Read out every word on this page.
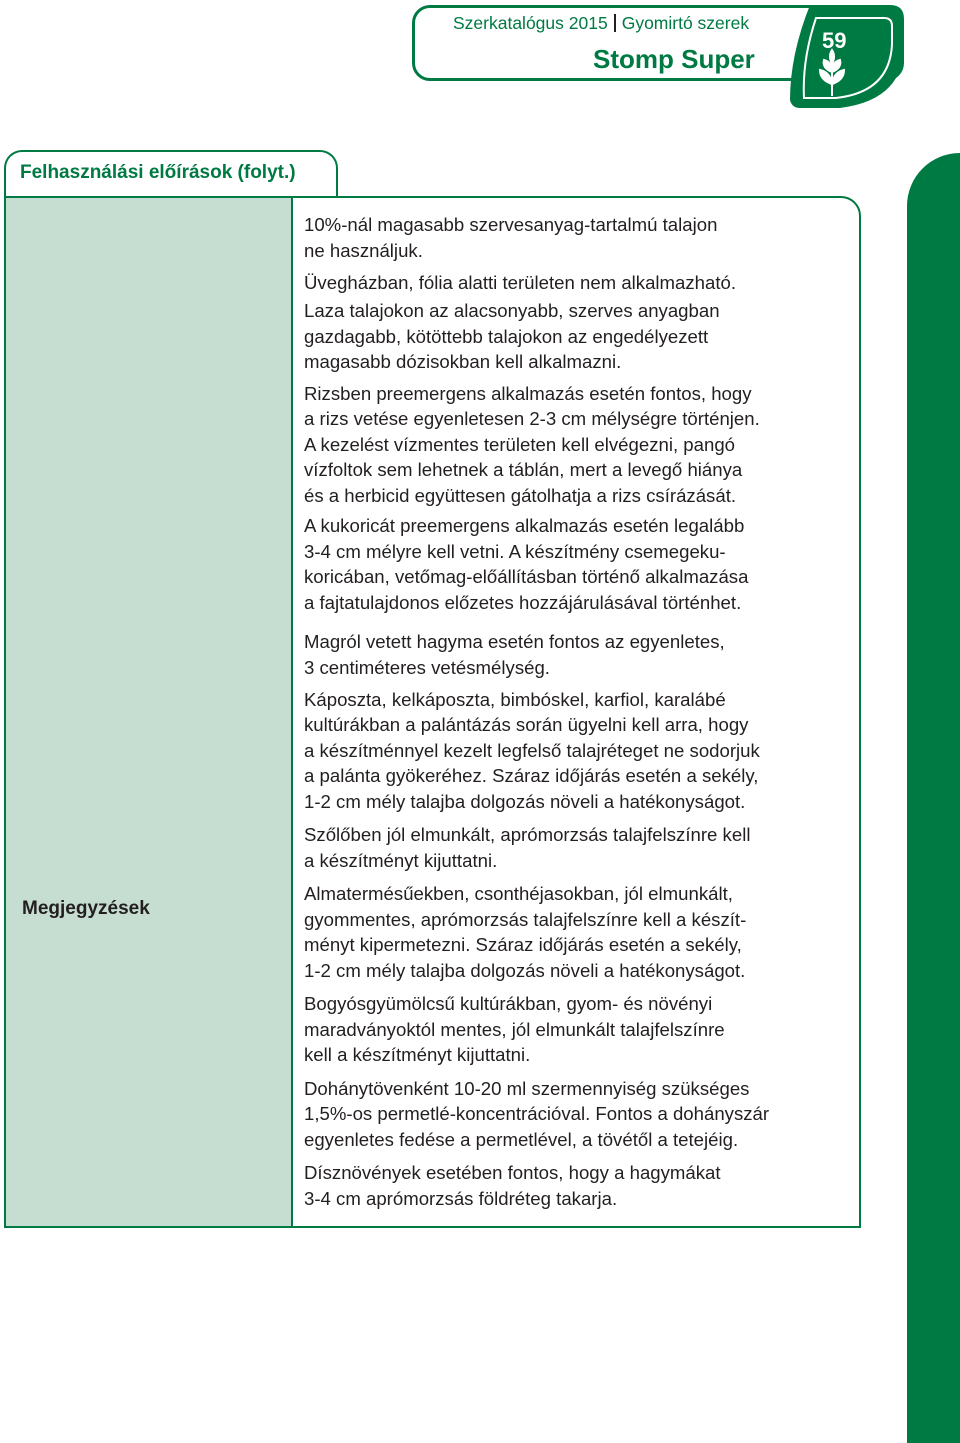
Szerkatalógus 2015 Gyomirtó szerek
Stomp Super
59
Felhasználási előírások (folyt.)
Megjegyzések

10%-nál magasabb szervesanyag-tartalmú talajon
ne használjuk.

Üvegházban, fólia alatti területen nem alkalmazható.

Laza talajokon az alacsonyabb, szerves anyagban
gazdagabb, kötöttebb talajokon az engedélyezett
magasabb dózisokban kell alkalmazni.

Rizsben preemergens alkalmazás esetén fontos, hogy
a rizs vetése egyenletesen 2-3 cm mélységre történjen.
A kezelést vízmentes területen kell elvégezni, pangó
vízfoltok sem lehetnek a táblán, mert a levegő hiánya
és a herbicid együttesen gátolhatja a rizs csírázását.

A kukoricát preemergens alkalmazás esetén legalább
3-4 cm mélyre kell vetni. A készítmény csemegeku-
koricában, vetőmag-előállításban történő alkalmazása
a fajtatulajdonos előzetes hozzájárulásával történhet.

Magról vetett hagyma esetén fontos az egyenletes,
3 centiméteres vetésmélység.

Káposzta, kelkáposzta, bimbóskel, karfiol, karalábé
kultúrákban a palántázás során ügyelni kell arra, hogy
a készítménnyel kezelt legfelső talajréteget ne sodorjuk
a palánta gyökeréhez. Száraz időjárás esetén a sekély,
1-2 cm mély talajba dolgozás növeli a hatékonyságot.

Szőlőben jól elmunkált, aprómorzsás talajfelszínre kell
a készítményt kijuttatni.

Almatermésűekben, csonthéjasokban, jól elmunkált,
gyommentes, aprómorzsás talajfelszínre kell a készít-
ményt kipermetezni. Száraz időjárás esetén a sekély,
1-2 cm mély talajba dolgozás növeli a hatékonyságot.

Bogyósgyümölcsű kultúrákban, gyom- és növényi
maradványoktól mentes, jól elmunkált talajfelszínre
kell a készítményt kijuttatni.

Dohánytövenként 10-20 ml szermennyiség szükséges
1,5%-os permetlé-koncentrációval. Fontos a dohányszár
egyenletes fedése a permetlével, a tövétől a tetejéig.

Dísznövények esetében fontos, hogy a hagymákat
3-4 cm aprómorzsás földréteg takarja.
